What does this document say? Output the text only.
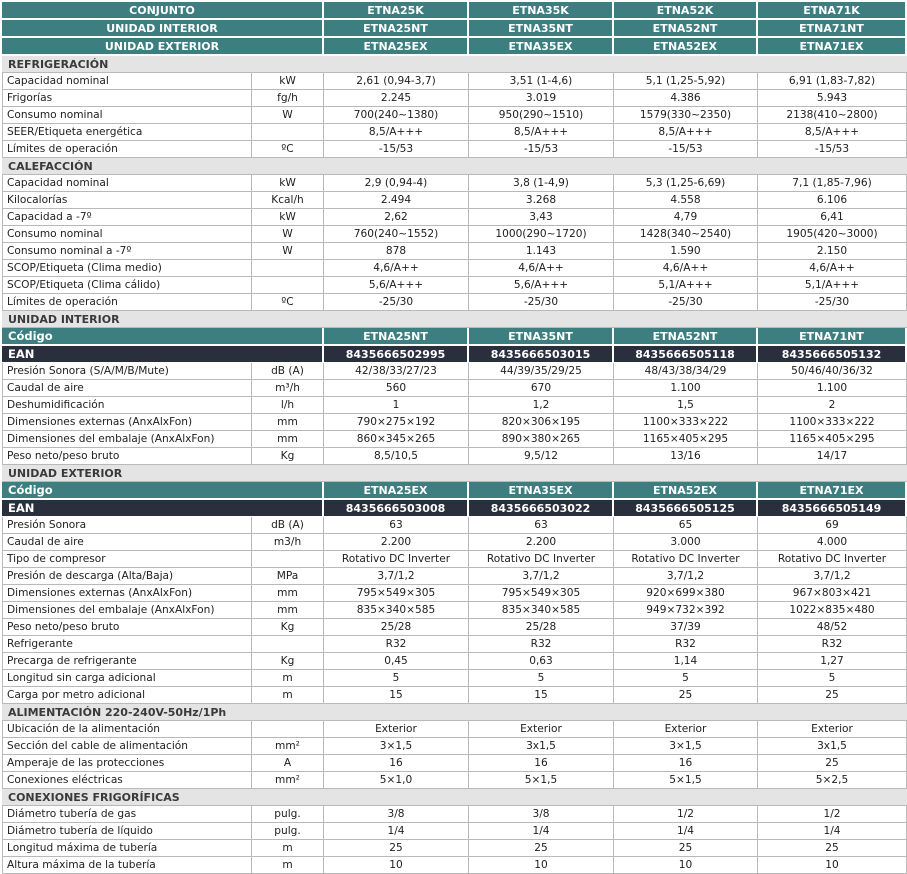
CONJUNTO		ETNA25K	ETNA35K	ETNA52K	ETNA71K
UNIDAD INTERIOR		ETNA25NT	ETNA35NT	ETNA52NT	ETNA71NT
UNIDAD EXTERIOR		ETNA25EX	ETNA35EX	ETNA52EX	ETNA71EX
REFRIGERACIÓN					
Capacidad nominal	kW	2,61 (0,94-3,7)	3,51 (1-4,6)	5,1 (1,25-5,92)	6,91 (1,83-7,82)
Frigorías	fg/h	2.245	3.019	4.386	5.943
Consumo nominal	W	700(240~1380)	950(290~1510)	1579(330~2350)	2138(410~2800)
SEER/Etiqueta energética		8,5/A+++	8,5/A+++	8,5/A+++	8,5/A+++
Límites de operación	ºC	-15/53	-15/53	-15/53	-15/53
CALEFACCIÓN					
Capacidad nominal	kW	2,9 (0,94-4)	3,8 (1-4,9)	5,3 (1,25-6,69)	7,1 (1,85-7,96)
Kilocalorías	Kcal/h	2.494	3.268	4.558	6.106
Capacidad a -7º	kW	2,62	3,43	4,79	6,41
Consumo nominal	W	760(240~1552)	1000(290~1720)	1428(340~2540)	1905(420~3000)
Consumo nominal a -7º	W	878	1.143	1.590	2.150
SCOP/Etiqueta (Clima medio)		4,6/A++	4,6/A++	4,6/A++	4,6/A++
SCOP/Etiqueta (Clima cálido)		5,6/A+++	5,6/A+++	5,1/A+++	5,1/A+++
Límites de operación	ºC	-25/30	-25/30	-25/30	-25/30
UNIDAD INTERIOR					
Código		ETNA25NT	ETNA35NT	ETNA52NT	ETNA71NT
EAN		8435666502995	8435666503015	8435666505118	8435666505132
Presión Sonora (S/A/M/B/Mute)	dB (A)	42/38/33/27/23	44/39/35/29/25	48/43/38/34/29	50/46/40/36/32
Caudal de aire	m³/h	560	670	1.100	1.100
Deshumidificación	l/h	1	1,2	1,5	2
Dimensiones externas (AnxAlxFon)	mm	790×275×192	820×306×195	1100×333×222	1100×333×222
Dimensiones del embalaje (AnxAlxFon)	mm	860×345×265	890×380×265	1165×405×295	1165×405×295
Peso neto/peso bruto	Kg	8,5/10,5	9,5/12	13/16	14/17
UNIDAD EXTERIOR					
Código		ETNA25EX	ETNA35EX	ETNA52EX	ETNA71EX
EAN		8435666503008	8435666503022	8435666505125	8435666505149
Presión Sonora	dB (A)	63	63	65	69
Caudal de aire	m3/h	2.200	2.200	3.000	4.000
Tipo de compresor		Rotativo DC Inverter	Rotativo DC Inverter	Rotativo DC Inverter	Rotativo DC Inverter
Presión de descarga (Alta/Baja)	MPa	3,7/1,2	3,7/1,2	3,7/1,2	3,7/1,2
Dimensiones externas (AnxAlxFon)	mm	795×549×305	795×549×305	920×699×380	967×803×421
Dimensiones del embalaje (AnxAlxFon)	mm	835×340×585	835×340×585	949×732×392	1022×835×480
Peso neto/peso bruto	Kg	25/28	25/28	37/39	48/52
Refrigerante		R32	R32	R32	R32
Precarga de refrigerante	Kg	0,45	0,63	1,14	1,27
Longitud sin carga adicional	m	5	5	5	5
Carga por metro adicional	m	15	15	25	25
ALIMENTACIÓN 220-240V-50Hz/1Ph					
Ubicación de la alimentación		Exterior	Exterior	Exterior	Exterior
Sección del cable de alimentación	mm²	3×1,5	3x1,5	3×1,5	3x1,5
Amperaje de las protecciones	A	16	16	16	25
Conexiones eléctricas	mm²	5×1,0	5×1,5	5×1,5	5×2,5
CONEXIONES FRIGORÍFICAS					
Diámetro tubería de gas	pulg.	3/8	3/8	1/2	1/2
Diámetro tubería de líquido	pulg.	1/4	1/4	1/4	1/4
Longitud máxima de tubería	m	25	25	25	25
Altura máxima de la tubería	m	10	10	10	10
